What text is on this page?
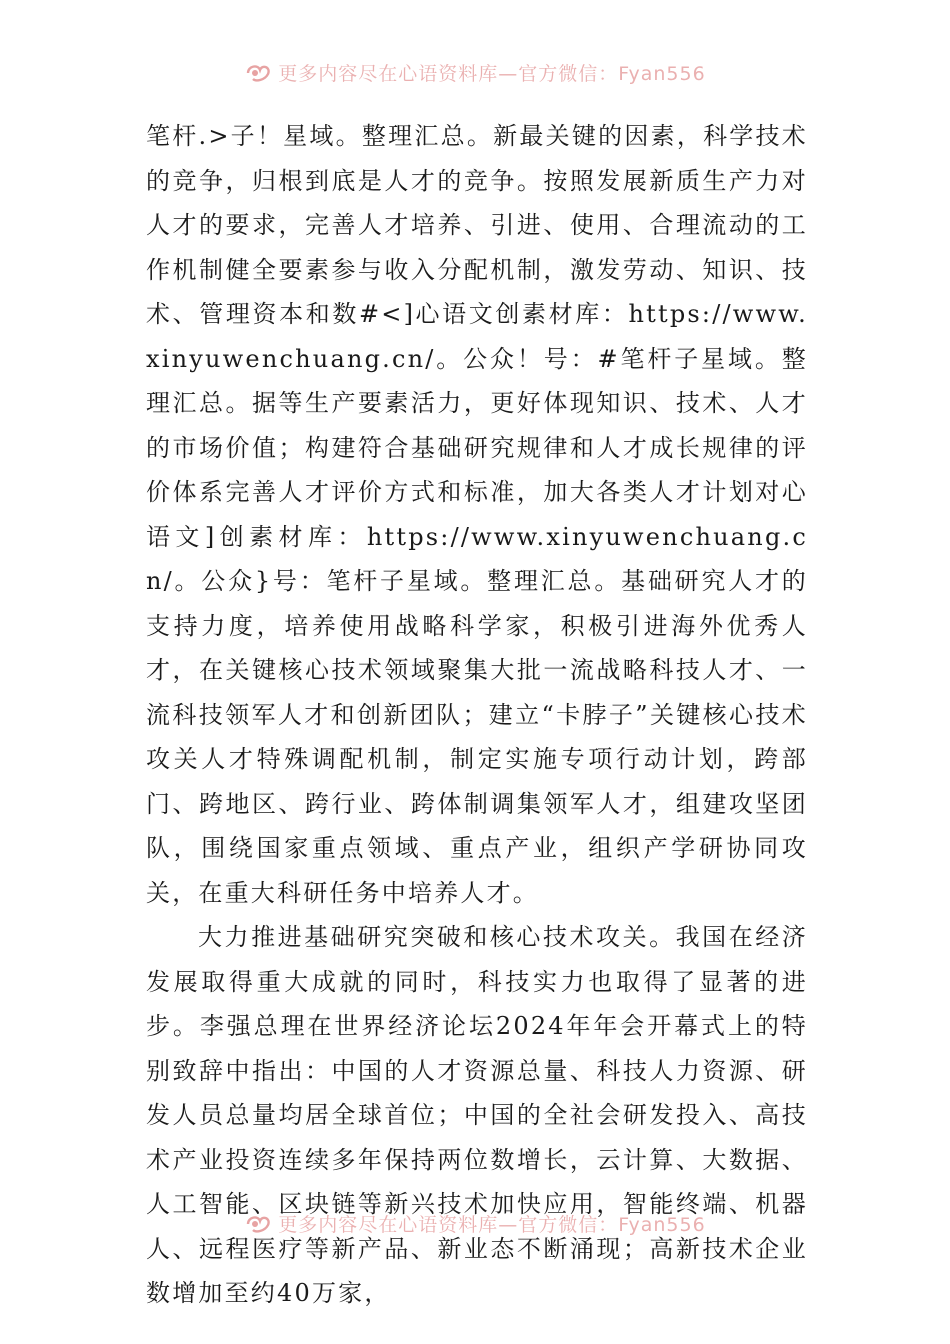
更多内容尽在心语资料库—官方微信：Fyan556

笔杆.>子！星域。整理汇总。新最关键的因素，科学技术的竞争，归根到底是人才的竞争。按照发展新质生产力对人才的要求，完善人才培养、引进、使用、合理流动的工作机制健全要素参与收入分配机制，激发劳动、知识、技术、管理资本和数#<]心语文创素材库：https://www.xinyuwenchuang.cn/。公众！号：#笔杆子星域。整理汇总。据等生产要素活力，更好体现知识、技术、人才的市场价值；构建符合基础研究规律和人才成长规律的评价体系完善人才评价方式和标准，加大各类人才计划对心语文]创素材库：https://www.xinyuwenchuang.cn/。公众}号：笔杆子星域。整理汇总。基础研究人才的支持力度，培养使用战略科学家，积极引进海外优秀人才，在关键核心技术领域聚集大批一流战略科技人才、一流科技领军人才和创新团队；建立“卡脖子”关键核心技术攻关人才特殊调配机制，制定实施专项行动计划，跨部门、跨地区、跨行业、跨体制调集领军人才，组建攻坚团队，围绕国家重点领域、重点产业，组织产学研协同攻关，在重大科研任务中培养人才。

大力推进基础研究突破和核心技术攻关。我国在经济发展取得重大成就的同时，科技实力也取得了显著的进步。李强总理在世界经济论坛2024年年会开幕式上的特别致辞中指出：中国的人才资源总量、科技人力资源、研发人员总量均居全球首位；中国的全社会研发投入、高技术产业投资连续多年保持两位数增长，云计算、大数据、人工智能、区块链等新兴技术加快应用，智能终端、机器人、远程医疗等新产品、新业态不断涌现；高新技术企业数增加至约40万家，

更多内容尽在心语资料库—官方微信：Fyan556
